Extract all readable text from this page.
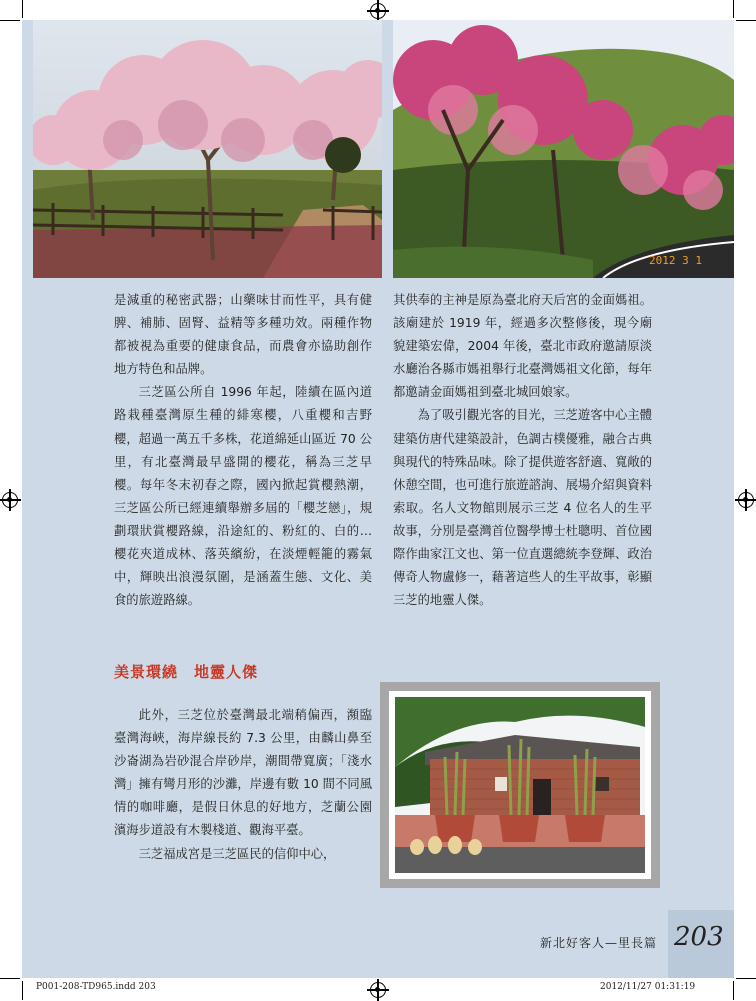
2012 3 1

是減重的秘密武器；山藥味甘而性平，具有健脾、補肺、固腎、益精等多種功效。兩種作物都被視為重要的健康食品，而農會亦協助創作地方特色和品牌。

三芝區公所自 1996 年起，陸續在區內道路栽種臺灣原生種的緋寒櫻，八重櫻和吉野櫻，超過一萬五千多株，花道綿延山區近 70 公里，有北臺灣最早盛開的櫻花，稱為三芝早櫻。每年冬末初春之際，國內掀起賞櫻熱潮，三芝區公所已經連續舉辦多屆的「櫻芝戀」，規劃環狀賞櫻路線，沿途紅的、粉紅的、白的…櫻花夾道成林、落英繽紛，在淡煙輕籠的霧氣中，輝映出浪漫氛圍，是涵蓋生態、文化、美食的旅遊路線。

美景環繞　地靈人傑

此外，三芝位於臺灣最北端稍偏西，瀕臨臺灣海峽，海岸線長約 7.3 公里，由麟山鼻至沙崙湖為岩砂混合岸砂岸，潮間帶寬廣；「淺水灣」擁有彎月形的沙灘，岸邊有數 10 間不同風情的咖啡廳，是假日休息的好地方，芝蘭公園濱海步道設有木製棧道、觀海平臺。

三芝福成宮是三芝區民的信仰中心，

其供奉的主神是原為臺北府天后宮的金面媽祖。該廟建於 1919 年，經過多次整修後，現今廟貌建築宏偉，2004 年後，臺北市政府邀請原淡水廳治各縣市媽祖舉行北臺灣媽祖文化節，每年都邀請金面媽祖到臺北城回娘家。

為了吸引觀光客的目光，三芝遊客中心主體建築仿唐代建築設計，色調古樸優雅，融合古典與現代的特殊品味。除了提供遊客舒適、寬敞的休憩空間，也可進行旅遊諮詢、展場介紹與資料索取。名人文物館則展示三芝 4 位名人的生平故事，分別是臺灣首位醫學博士杜聰明、首位國際作曲家江文也、第一位直選總統李登輝、政治傳奇人物盧修一，藉著這些人的生平故事，彰顯三芝的地靈人傑。

新北好客人—里長篇 203
P001-208-TD965.indd 203	2012/11/27 01:31:19
